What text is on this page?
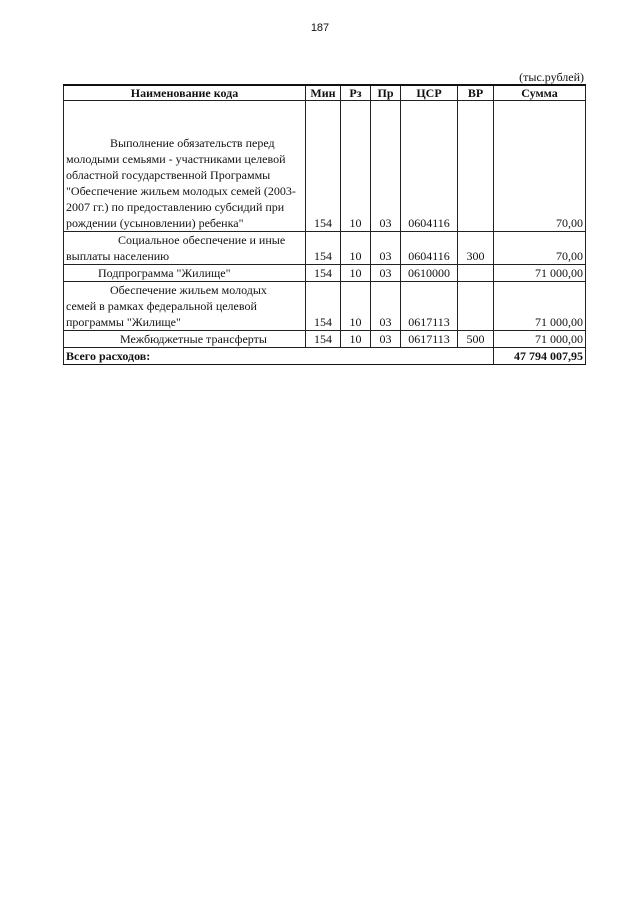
187
(тыс.рублей)
Наименование кода	Мин	Рз	Пр	ЦСР	ВР	Сумма

Выполнение обязательств перед
молодыми семьями - участниками целевой областной государственной Программы "Обеспечение жильем молодых семей (2003-2007 гг.) по предоставлению субсидий при рождении (усыновлении) ребенка"	154	10	03	0604116		70,00

Социальное обеспечение и иные
выплаты населению	154	10	03	0604116	300	70,00

Подпрограмма "Жилище"	154	10	03	0610000		71 000,00

Обеспечение жильем молодых
семей в рамках федеральной целевой программы "Жилище"	154	10	03	0617113		71 000,00

Межбюджетные трансферты	154	10	03	0617113	500	71 000,00
Всего расходов:						47 794 007,95
